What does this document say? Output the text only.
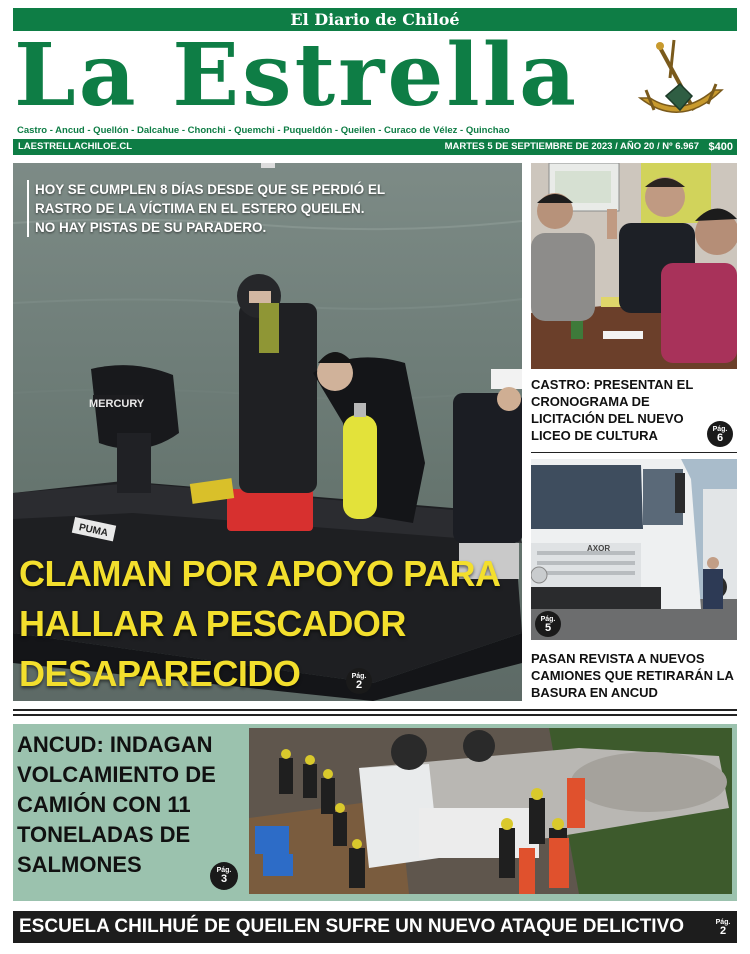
El Diario de Chiloé
La Estrella
Castro - Ancud - Quellón - Dalcahue - Chonchi - Quemchi - Puqueldón - Queilen - Curaco de Vélez - Quinchao
LAESTRELLACHILOE.CL	MARTES 5 DE SEPTIEMBRE DE 2023 / AÑO 20 / Nº 6.967 $400
PUMA
MERCURY
HOY SE CUMPLEN 8 DÍAS DESDE QUE SE PERDIÓ EL RASTRO DE LA VÍCTIMA EN EL ESTERO QUEILEN. NO HAY PISTAS DE SU PARADERO.
CLAMAN POR APOYO PARA HALLAR A PESCADOR DESAPARECIDO	Pág.
2
CASTRO: PRESENTAN EL CRONOGRAMA DE LICITACIÓN DEL NUEVO LICEO DE CULTURA	Pág.
6
AXOR
Pág.
5
PASAN REVISTA A NUEVOS CAMIONES QUE RETIRARÁN LA BASURA EN ANCUD
ANCUD: INDAGAN VOLCAMIENTO DE CAMIÓN CON 11 TONELADAS DE SALMONES	Pág.
3
ESCUELA CHILHUÉ DE QUEILEN SUFRE UN NUEVO ATAQUE DELICTIVO	Pág.
2
